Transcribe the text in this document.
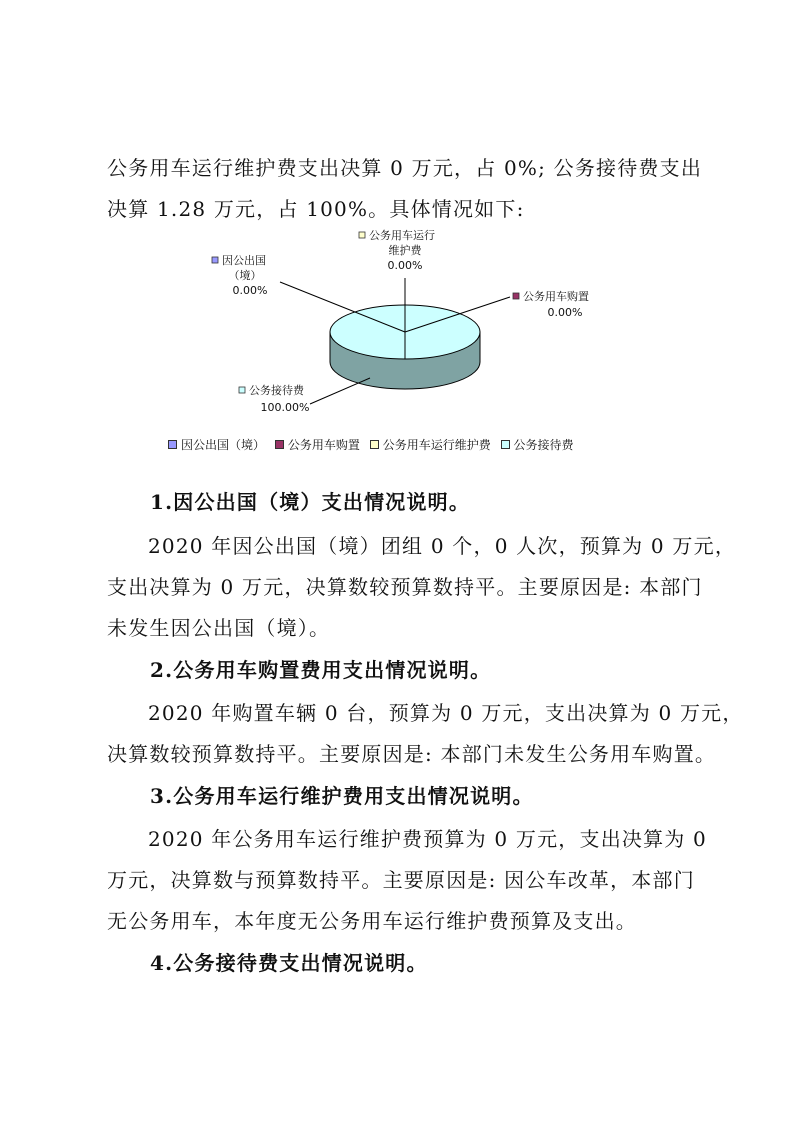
公务用车运行维护费支出决算 0 万元，占 0%; 公务接待费支出
决算 1.28 万元，占 100%。具体情况如下:
公务用车运行
维护费
0.00%
因公出国
（境）
0.00%	公务用车购置
0.00%
公务接待费
100.00%
因公出国（境）
公务用车购置
公务用车运行维护费
公务接待费
1.因公出国（境）支出情况说明。
2020 年因公出国（境）团组 0 个，0 人次，预算为 0 万元，
支出决算为 0 万元，决算数较预算数持平。主要原因是: 本部门
未发生因公出国（境）。
2.公务用车购置费用支出情况说明。
2020 年购置车辆 0 台，预算为 0 万元，支出决算为 0 万元，
决算数较预算数持平。主要原因是: 本部门未发生公务用车购置。
3.公务用车运行维护费用支出情况说明。
2020 年公务用车运行维护费预算为 0 万元，支出决算为 0
万元，决算数与预算数持平。主要原因是: 因公车改革，本部门
无公务用车，本年度无公务用车运行维护费预算及支出。
4.公务接待费支出情况说明。
